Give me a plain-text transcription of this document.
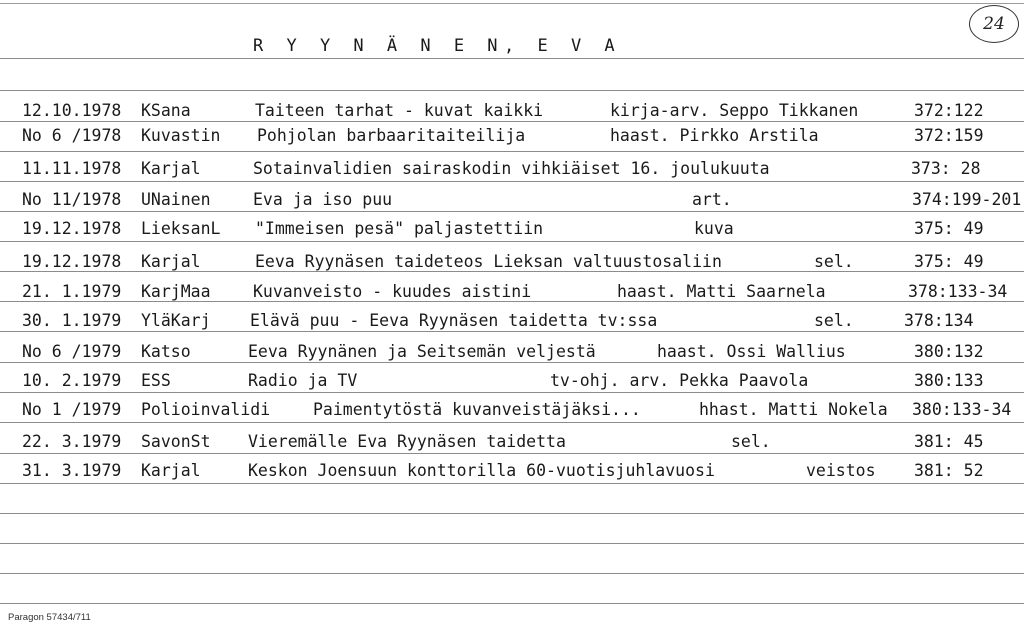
R Y Y N Ä N E N, E V A
24
12.10.1978 KSana	Taiteen tarhat - kuvat kaikki	kirja-arv. Seppo Tikkanen	372:122
No 6 /1978 Kuvastin Pohjolan barbaaritaiteilija	haast. Pirkko Arstila	372:159
11.11.1978 Karjal	Sotainvalidien sairaskodin vihkiäiset 16. joulukuuta	373: 28
No 11/1978 UNainen	Eva ja iso puu	art.	374:199-201
19.12.1978 LieksanL "Immeisen pesä" paljastettiin	kuva	375: 49
19.12.1978 Karjal	Eeva Ryynäsen taideteos Lieksan valtuustosaliin	sel.	375: 49
21. 1.1979 KarjMaa	Kuvanveisto - kuudes aistini	haast. Matti Saarnela	378:133-34
30. 1.1979 YläKarj Elävä puu - Eeva Ryynäsen taidetta tv:ssa	sel.	378:134
No 6 /1979 Katso	Eeva Ryynänen ja Seitsemän veljestä	haast. Ossi Wallius	380:132
10. 2.1979 ESS	Radio ja TV	tv-ohj. arv. Pekka Paavola	380:133
No 1 /1979 Polioinvalidi	Paimentytöstä kuvanveistäjäksi...	hhast. Matti Nokela 380:133-34
22. 3.1979 SavonSt Vieremälle Eva Ryynäsen taidetta	sel.	381: 45
31. 3.1979 Karjal	Keskon Joensuun konttorilla 60-vuotisjuhlavuosi	veistos 381: 52
Paragon 57434/711
